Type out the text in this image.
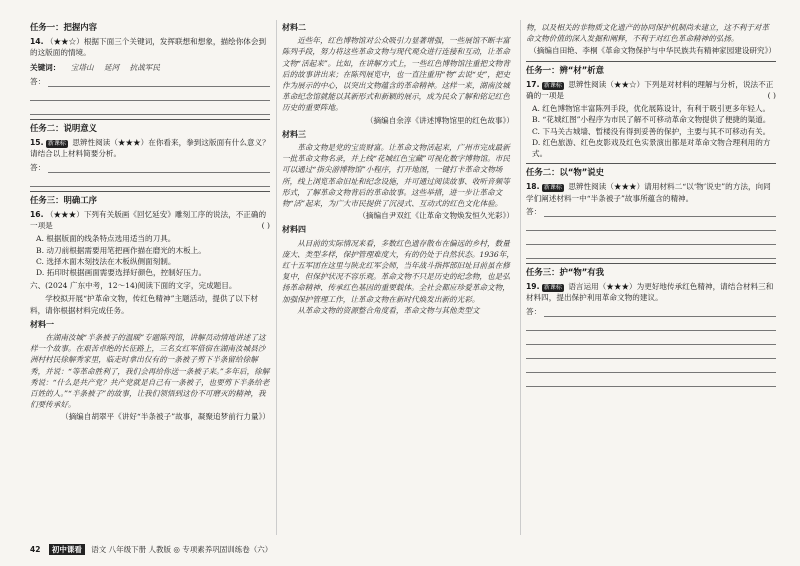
任务一：把握内容
14. （★★☆）根据下面三个关键词，发挥联想和想象，描绘你体会到的这版面的情境。
关键词： 宝塔山 延河 抗战军民
答：
任务二：说明意义
15. 新课标 思辨性阅读（★★★）在你看来，拳到这版面有什么意义？请结合以上材料简要分析。
答：
任务三：明确工序
16. （★★★）下列有关版画《回忆延安》雕刻工序的说法，不正确的一项是	( )
A. 根据版面的线条特点选用适当的刀具。
B. 动刀前根据需要用笔把画作描在磨光的木板上。
C. 选择木面木刻技法在木板纵侧面刻制。
D. 拓印时根据画面需要选择好颜色，控制好压力。
六、(2024 广东中考，12～14)阅读下面的文字，完成题目。

学校拟开展“护革命文物，传红色精神”主题活动，提供了以下材料，请你根据材料完成任务。

材料一

在湖南汝城“半条被子的温暖”专题陈列馆，讲解员动情地讲述了这样一个故事。在艰苦卓绝的长征路上，三名女红军借宿在湖南汝城县沙洲村村民徐解秀家里，临走时拿出仅有的一条被子剪下半条留给徐解秀，并说：“等革命胜利了，我们会再给你送一条被子来。”多年后，徐解秀说：“什么是共产党？共产党就是自己有一条被子，也要剪下半条给老百姓的人。”“半条被子”的故事，让我们领悟到这份不可磨灭的精神，我们要传承好。

（摘编自胡翠平《讲好“半条被子”故事，凝聚追梦前行力量》）
材料二

近些年，红色博物馆对公众吸引力显著增强，一些展馆不断丰富陈列手段，努力将这些革命文物与现代观众进行连接和互动，让革命文物“活起来”。比如，在讲解方式上，一些红色博物馆注重把文物背后的故事讲出来；在陈列展览中，也一直注重用“物”去说“史”，把史作为展示的中心，以突出文物蕴含的革命精神。这样一来，湖南汝城革命纪念馆就能以其新形式和新颖的展示，成为民众了解和铭记红色历史的重要阵地。

（摘编自余淳《讲述博物馆里的红色故事》）
材料三

革命文物是党的宝贵财富。让革命文物活起来，广州市完成最新一批革命文物名录，并上线“花城红色宝藏”可视化数字博物馆。市民可以通过“指尖游博物馆”小程序，打开地图，一键打卡革命文物场所，线上浏览革命旧址和纪念设施，并可通过阅读故事、收听音频等形式，了解革命文物背后的革命故事。这些举措，进一步让革命文物“活”起来，为广大市民提供了沉浸式、互动式的红色文化体验。

（摘编自尹双红《让革命文物焕发恒久光彩》）
材料四

从目前的实际情况来看，多数红色遗存散布在偏远的乡村，数量庞大、类型多样，保护管理难度大，有的仍处于自然状态。1936年，红十五军团在这里与陕北红军会师，当年战斗指挥部旧址目前虽在修复中，但保护状况不容乐观。革命文物不只是历史的纪念物，也是弘扬革命精神、传承红色基因的重要载体。全社会都应珍爱革命文物，加强保护管理工作，让革命文物在新时代焕发出新的光彩。

从革命文物的资源整合角度看，革命文物与其他类型文

物，以及相关的非物质文化遗产的协同保护机制尚未建立，这不利于对革命文物价值的深入发掘和阐释，不利于对红色革命精神的弘扬。

（摘编自田艳、李桐《革命文物保护与中华民族共有精神家园建设研究》）
任务一：辨“材”析意
17. 新课标 思辨性阅读（★★☆）下列是对材料的理解与分析，说法不正确的一项是	( )
A. 红色博物馆丰富陈列手段，优化展陈设计，有利于吸引更多年轻人。
B. “花城红图”小程序为市民了解不可移动革命文物提供了便捷的渠道。
C. 下马关古城墙、暂楼没有得到妥善的保护，主要与其不可移动有关。
D. 红色旅游、红色皮影戏及红色实景演出都是对革命文物合理利用的方式。
任务二：以“物”说史
18. 新课标 思辨性阅读（★★★）请用材料二“以‘物’说史”的方法，向同学们阐述材料一中“半条被子”故事所蕴含的精神。
答：
任务三：护“物”有我
19. 新课标 语言运用（★★★）为更好地传承红色精神，请结合材料三和材料四，提出保护利用革命文物的建议。
答：
42 初中课看 语文 八年级下册 人教版 ◎ 专项素养巩固训练卷（六）
